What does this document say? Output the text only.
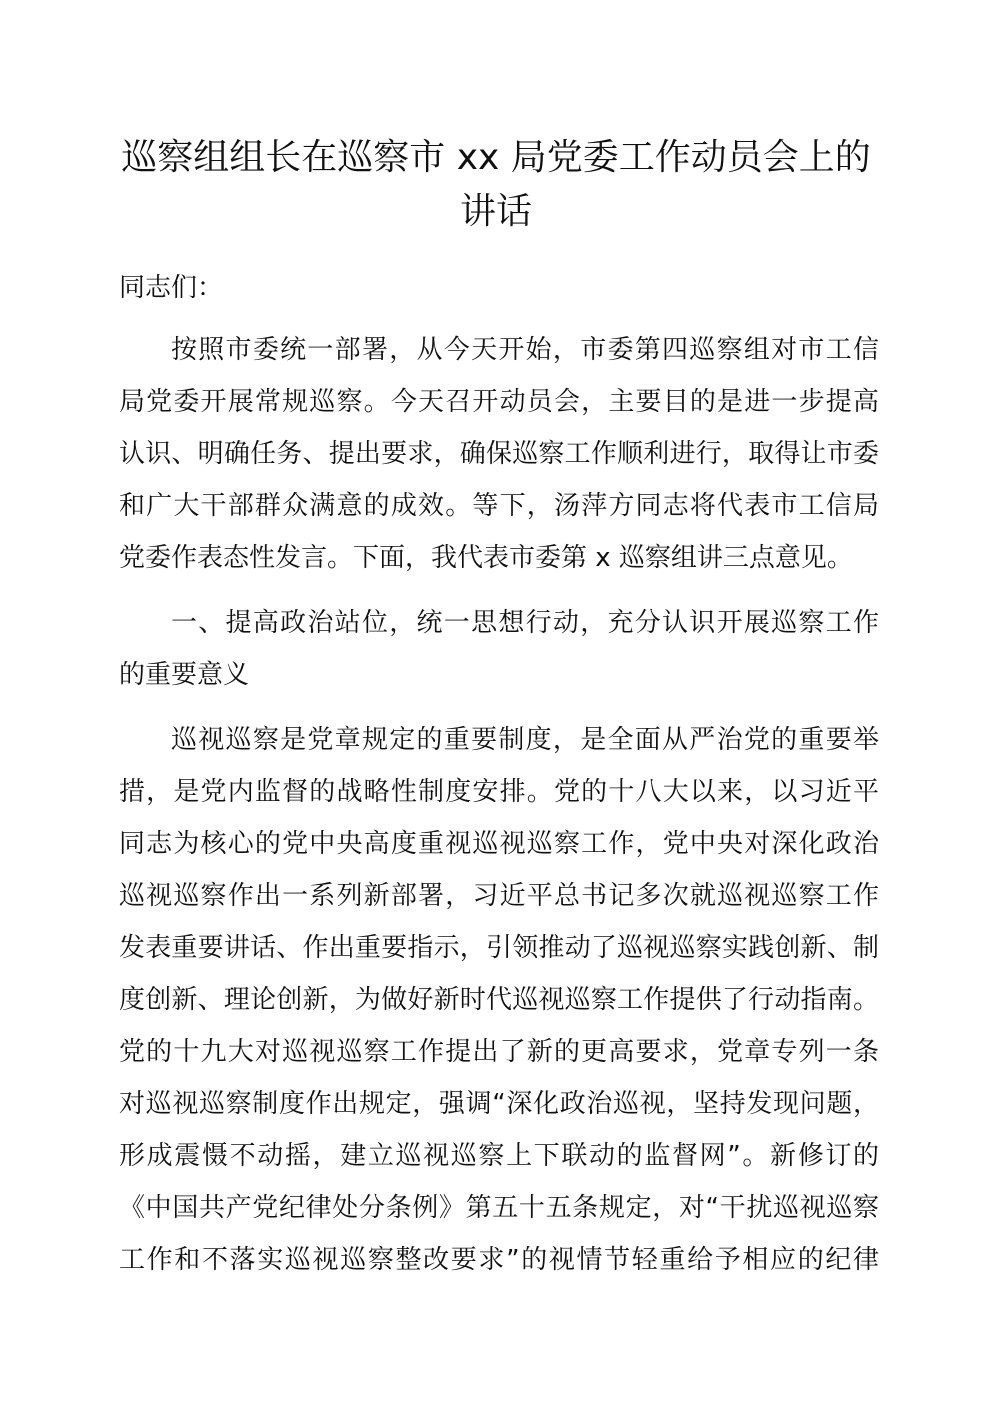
巡察组组长在巡察市 xx 局党委工作动员会上的
讲话
同志们：
按照市委统一部署，从今天开始，市委第四巡察组对市工信
局党委开展常规巡察。今天召开动员会，主要目的是进一步提高
认识、明确任务、提出要求，确保巡察工作顺利进行，取得让市委
和广大干部群众满意的成效。等下，汤萍方同志将代表市工信局
党委作表态性发言。下面，我代表市委第 x 巡察组讲三点意见。
一、提高政治站位，统一思想行动，充分认识开展巡察工作
的重要意义
巡视巡察是党章规定的重要制度，是全面从严治党的重要举
措，是党内监督的战略性制度安排。党的十八大以来，以习近平
同志为核心的党中央高度重视巡视巡察工作，党中央对深化政治
巡视巡察作出一系列新部署，习近平总书记多次就巡视巡察工作
发表重要讲话、作出重要指示，引领推动了巡视巡察实践创新、制
度创新、理论创新，为做好新时代巡视巡察工作提供了行动指南。
党的十九大对巡视巡察工作提出了新的更高要求，党章专列一条
对巡视巡察制度作出规定，强调“深化政治巡视，坚持发现问题，
形成震慑不动摇，建立巡视巡察上下联动的监督网”。新修订的
《中国共产党纪律处分条例》第五十五条规定，对“干扰巡视巡察
工作和不落实巡视巡察整改要求”的视情节轻重给予相应的纪律
